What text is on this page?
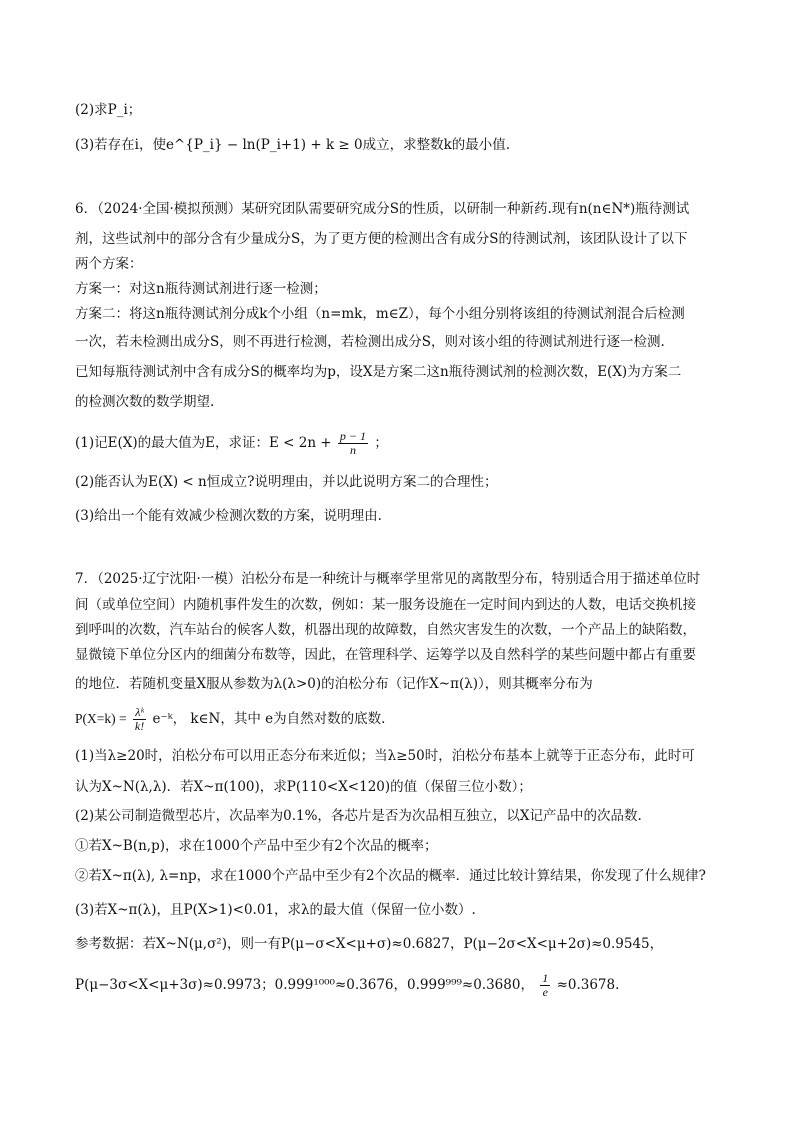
(2)求P_i；
(3)若存在i，使e^{P_i} − ln(P_i+1) + k ≥ 0成立，求整数k的最小值.
6．（2024·全国·模拟预测）某研究团队需要研究成分S的性质，以研制一种新药.现有n(n∈N*)瓶待测试
剂，这些试剂中的部分含有少量成分S，为了更方便的检测出含有成分S的待测试剂，该团队设计了以下
两个方案：
方案一：对这n瓶待测试剂进行逐一检测；
方案二：将这n瓶待测试剂分成k个小组（n=mk，m∈Z），每个小组分别将该组的待测试剂混合后检测
一次，若未检测出成分S，则不再进行检测，若检测出成分S，则对该小组的待测试剂进行逐一检测.
已知每瓶待测试剂中含有成分S的概率均为p，设X是方案二这n瓶待测试剂的检测次数，E(X)为方案二
的检测次数的数学期望.
(1)记E(X)的最大值为E，求证：$E < 2n + \frac{p - 1}{n}$ ；
(2)能否认为E(X) < n恒成立?说明理由，并以此说明方案二的合理性；
(3)给出一个能有效减少检测次数的方案，说明理由.
7．（2025·辽宁沈阳·一模）泊松分布是一种统计与概率学里常见的离散型分布，特别适合用于描述单位时
间（或单位空间）内随机事件发生的次数，例如：某一服务设施在一定时间内到达的人数，电话交换机接
到呼叫的次数，汽车站台的候客人数，机器出现的故障数，自然灾害发生的次数，一个产品上的缺陷数，
显微镜下单位分区内的细菌分布数等，因此，在管理科学、运筹学以及自然科学的某些问题中都占有重要
的地位．若随机变量X服从参数为λ(λ>0)的泊松分布（记作X~π(λ)），则其概率分布为
$P(X=k) = \frac{\text{λᵏ}}{k!}$ e⁻ᵏ， k∈N，其中 e为自然对数的底数.
(1)当λ≥20时，泊松分布可以用正态分布来近似；当λ≥50时，泊松分布基本上就等于正态分布，此时可
认为X~N(λ,λ)．若X~π(100)，求P(110<X<120)的值（保留三位小数）；
(2)某公司制造微型芯片，次品率为0.1%，各芯片是否为次品相互独立，以X记产品中的次品数.
①若X~B(n,p)，求在1000个产品中至少有2个次品的概率；
②若X~π(λ), λ=np，求在1000个产品中至少有2个次品的概率．通过比较计算结果，你发现了什么规律?
(3)若X~π(λ)，且P(X>1)<0.01，求λ的最大值（保留一位小数）.
参考数据：若X~N(μ,σ²)，则一有P(μ−σ<X<μ+σ)≈0.6827，P(μ−2σ<X<μ+2σ)≈0.9545，
P(μ−3σ<X<μ+3σ)≈0.9973；0.999¹⁰⁰⁰≈0.3676，0.999⁹⁹⁹≈0.3680， $\frac{1}{e} \approx 0.3678$.
